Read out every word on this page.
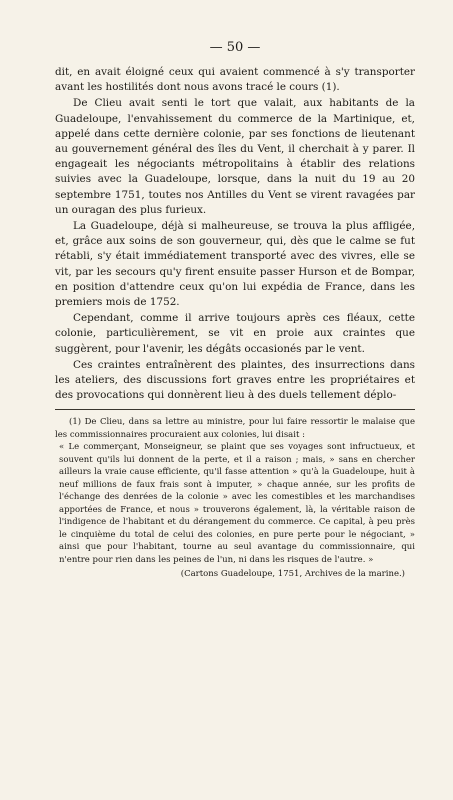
— 50 —

dit, en avait éloigné ceux qui avaient commencé à s'y transporter avant les hostilités dont nous avons tracé le cours (1).

De Clieu avait senti le tort que valait, aux habitants de la Guadeloupe, l'envahissement du commerce de la Martinique, et, appelé dans cette dernière colonie, par ses fonctions de lieutenant au gouvernement général des îles du Vent, il cherchait à y parer. Il engageait les négociants métropolitains à établir des relations suivies avec la Guadeloupe, lorsque, dans la nuit du 19 au 20 septembre 1751, toutes nos Antilles du Vent se virent ravagées par un ouragan des plus furieux.

La Guadeloupe, déjà si malheureuse, se trouva la plus affligée, et, grâce aux soins de son gouverneur, qui, dès que le calme se fut rétabli, s'y était immédiatement transporté avec des vivres, elle se vit, par les secours qu'y firent ensuite passer Hurson et de Bompar, en position d'attendre ceux qu'on lui expédia de France, dans les premiers mois de 1752.

Cependant, comme il arrive toujours après ces fléaux, cette colonie, particulièrement, se vit en proie aux craintes que suggèrent, pour l'avenir, les dégâts occasionés par le vent.

Ces craintes entraînèrent des plaintes, des insurrections dans les ateliers, des discussions fort graves entre les propriétaires et des provocations qui donnèrent lieu à des duels tellement déplo-

(1) De Clieu, dans sa lettre au ministre, pour lui faire ressortir le malaise que les commissionnaires procuraient aux colonies, lui disait :

« Le commerçant, Monseigneur, se plaint que ses voyages sont infructueux, et souvent qu'ils lui donnent de la perte, et il a raison ; mais, » sans en chercher ailleurs la vraie cause efficiente, qu'il fasse attention » qu'à la Guadeloupe, huit à neuf millions de faux frais sont à imputer, » chaque année, sur les profits de l'échange des denrées de la colonie » avec les comestibles et les marchandises apportées de France, et nous » trouverons également, là, la véritable raison de l'indigence de l'habitant et du dérangement du commerce. Ce capital, à peu près le cinquième du total de celui des colonies, en pure perte pour le négociant, » ainsi que pour l'habitant, tourne au seul avantage du commissionnaire, qui n'entre pour rien dans les peines de l'un, ni dans les risques de l'autre. »

(Cartons Guadeloupe, 1751, Archives de la marine.)
